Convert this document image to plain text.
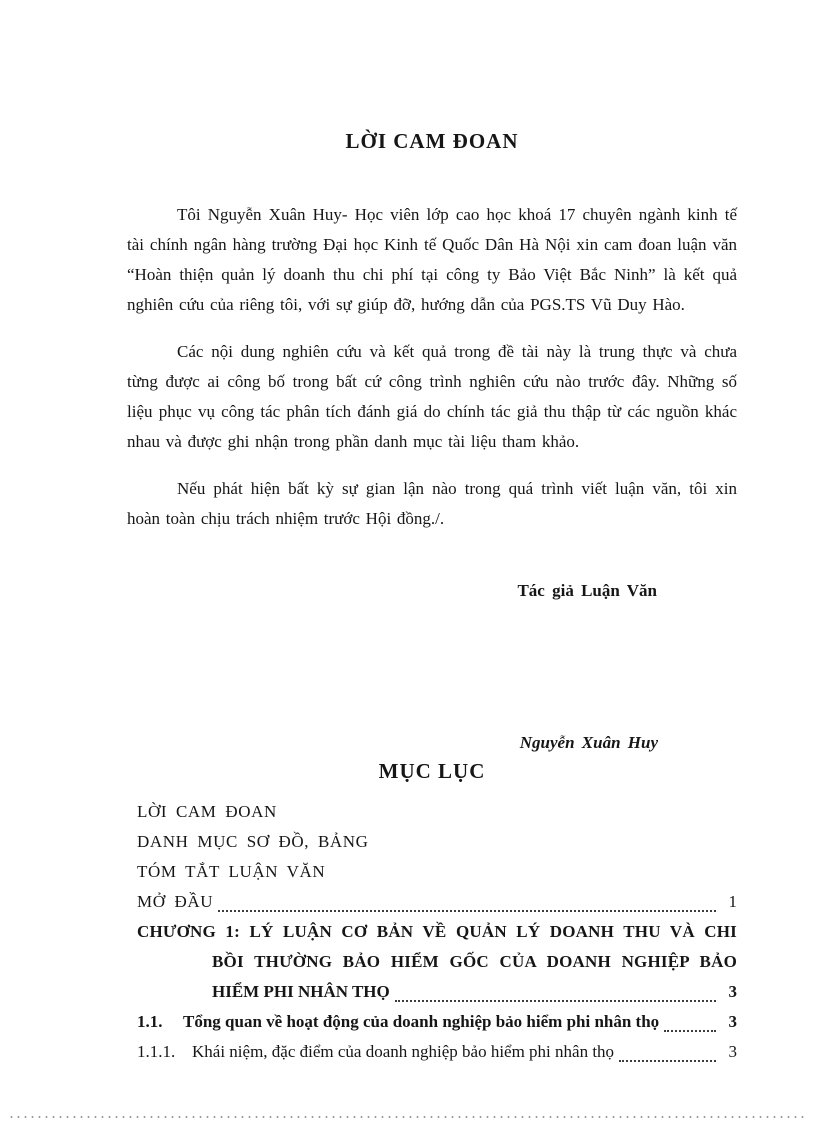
LỜI CAM ĐOAN

Tôi Nguyễn Xuân Huy- Học viên lớp cao học khoá 17 chuyên ngành kinh tế tài chính ngân hàng trường Đại học Kinh tế Quốc Dân Hà Nội xin cam đoan luận văn “Hoàn thiện quản lý doanh thu chi phí tại công ty Bảo Việt Bắc Ninh” là kết quả nghiên cứu của riêng tôi, với sự giúp đỡ, hướng dẫn của PGS.TS Vũ Duy Hào.

Các nội dung nghiên cứu và kết quả trong đề tài này là trung thực và chưa từng được ai công bố trong bất cứ công trình nghiên cứu nào trước đây. Những số liệu phục vụ công tác phân tích đánh giá do chính tác giả thu thập từ các nguồn khác nhau và được ghi nhận trong phần danh mục tài liệu tham khảo.

Nếu phát hiện bất kỳ sự gian lận nào trong quá trình viết luận văn, tôi xin hoàn toàn chịu trách nhiệm trước Hội đồng./.

Tác giả Luận Văn
Nguyễn Xuân Huy
MỤC LỤC
LỜI CAM ĐOAN
DANH MỤC SƠ ĐỒ, BẢNG
TÓM TẮT LUẬN VĂN
MỞ ĐẦU	1
CHƯƠNG 1: LÝ LUẬN CƠ BẢN VỀ QUẢN LÝ DOANH THU VÀ CHI
BỒI THƯỜNG BẢO HIỂM GỐC CỦA DOANH NGHIỆP BẢO
HIỂM PHI NHÂN THỌ	3
1.1.	Tổng quan về hoạt động của doanh nghiệp bảo hiểm phi nhân thọ	3
1.1.1. Khái niệm, đặc điểm của doanh nghiệp bảo hiểm phi nhân thọ	3
